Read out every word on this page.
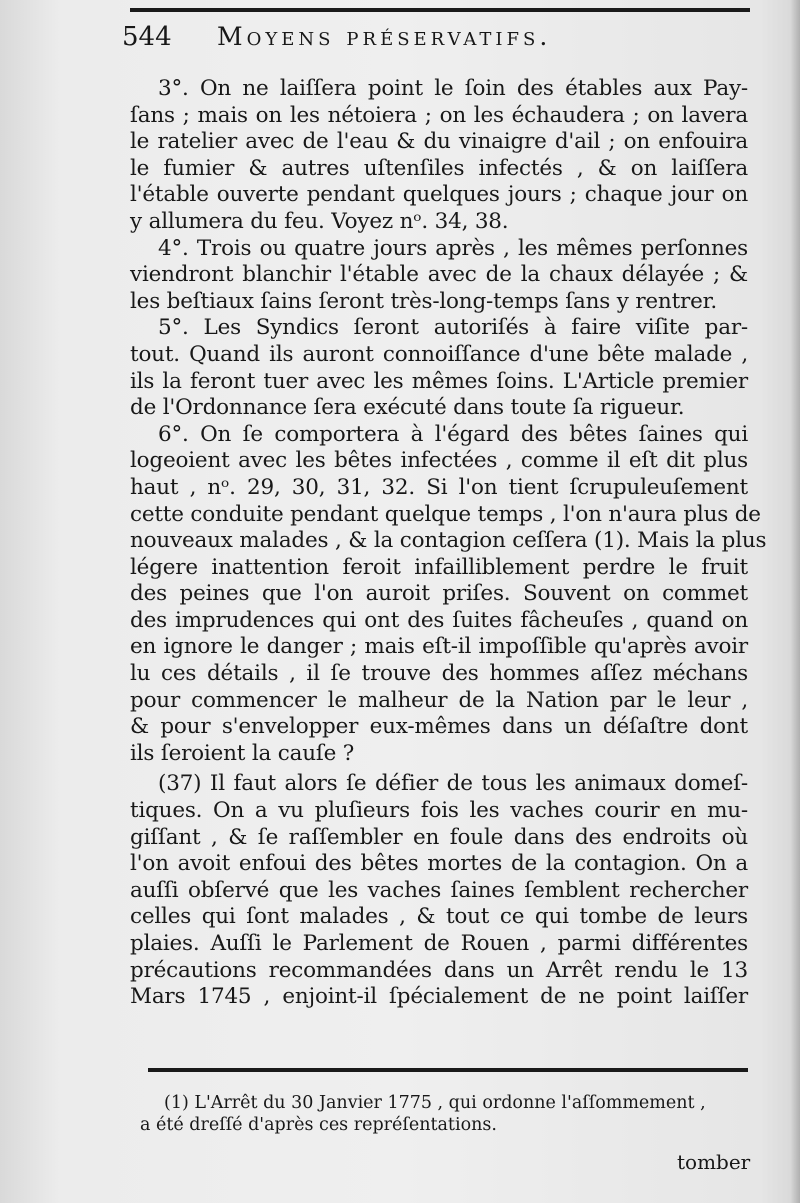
544 Moyens préservatifs.
3°. On ne laiſſera point le ſoin des étables aux Pay-
ſans ; mais on les nétoiera ; on les échaudera ; on lavera
le ratelier avec de l'eau & du vinaigre d'ail ; on enfouira
le fumier & autres uſtenſiles infectés , & on laiſſera
l'étable ouverte pendant quelques jours ; chaque jour on
y allumera du feu. Voyez nᵒ. 34, 38.
4°. Trois ou quatre jours après , les mêmes perſonnes
viendront blanchir l'étable avec de la chaux délayée ; &
les beſtiaux ſains ſeront très-long-temps ſans y rentrer.
5°. Les Syndics ſeront autoriſés à faire viſite par-
tout. Quand ils auront connoiſſance d'une bête malade ,
ils la feront tuer avec les mêmes ſoins. L'Article premier
de l'Ordonnance ſera exécuté dans toute ſa rigueur.
6°. On ſe comportera à l'égard des bêtes ſaines qui
logeoient avec les bêtes infectées , comme il eſt dit plus
haut , nᵒ. 29, 30, 31, 32. Si l'on tient ſcrupuleuſement
cette conduite pendant quelque temps , l'on n'aura plus de
nouveaux malades , & la contagion ceſſera (1). Mais la plus
légere inattention feroit infailliblement perdre le fruit
des peines que l'on auroit priſes. Souvent on commet
des imprudences qui ont des ſuites fâcheuſes , quand on
en ignore le danger ; mais eſt-il impoſſible qu'après avoir
lu ces détails , il ſe trouve des hommes aſſez méchans
pour commencer le malheur de la Nation par le leur ,
& pour s'envelopper eux-mêmes dans un déſaſtre dont
ils ſeroient la cauſe ?
(37) Il faut alors ſe défier de tous les animaux domeſ-
tiques. On a vu pluſieurs fois les vaches courir en mu-
giſſant , & ſe raſſembler en foule dans des endroits où
l'on avoit enfoui des bêtes mortes de la contagion. On a
auſſi obſervé que les vaches ſaines ſemblent rechercher
celles qui ſont malades , & tout ce qui tombe de leurs
plaies. Auſſi le Parlement de Rouen , parmi différentes
précautions recommandées dans un Arrêt rendu le 13
Mars 1745 , enjoint-il ſpécialement de ne point laiſſer
(1) L'Arrêt du 30 Janvier 1775 , qui ordonne l'aſſommement ,
a été dreſſé d'après ces repréſentations.
tomber
